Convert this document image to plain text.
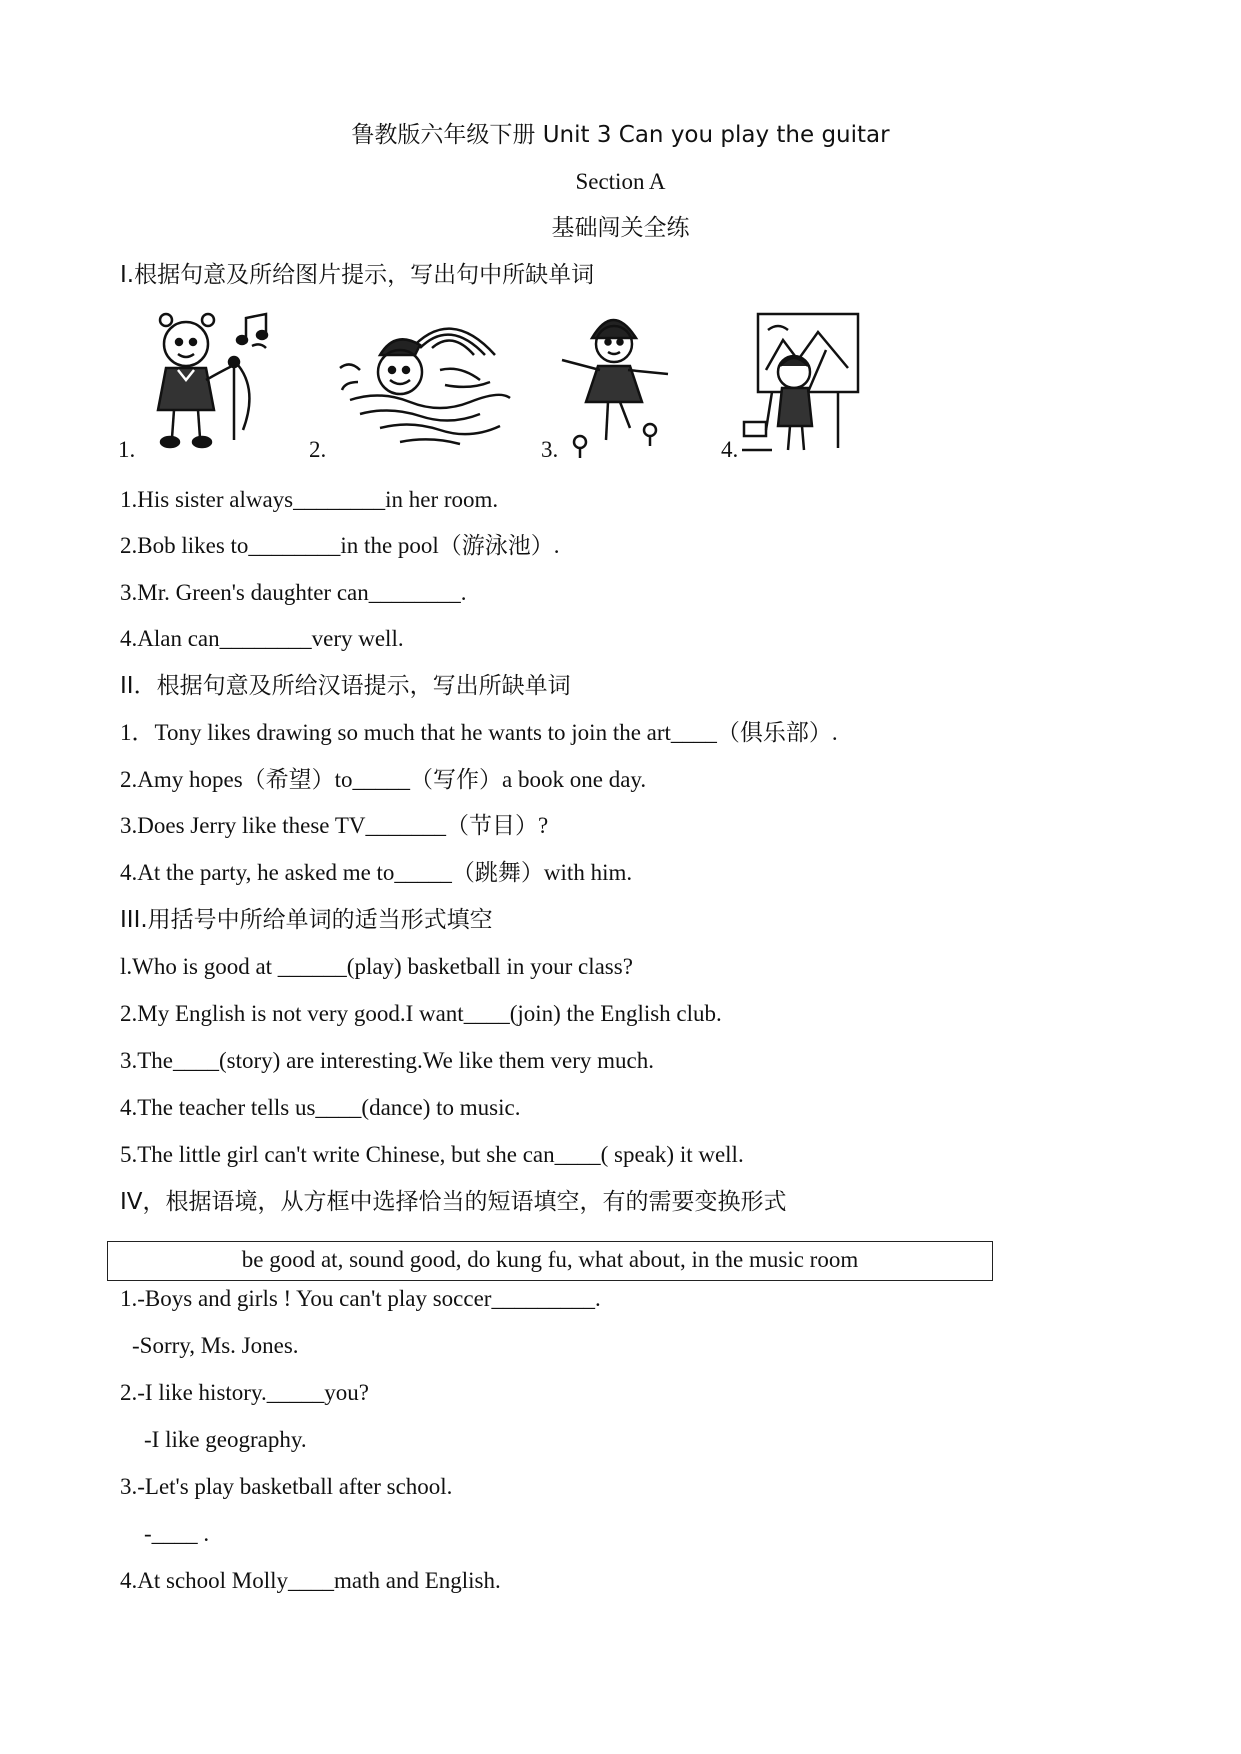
鲁教版六年级下册 Unit 3 Can you play the guitar
Section A
基础闯关全练
I.根据句意及所给图片提示，写出句中所缺单词
1.	2.	3.	4.
1.His sister always________in her room.
2.Bob likes to________in the pool（游泳池）.
3.Mr. Green's daughter can________.
4.Alan can________very well.
II．根据句意及所给汉语提示，写出所缺单词
1．Tony likes drawing so much that he wants to join the art____（俱乐部）.
2.Amy hopes（希望）to_____（写作）a book one day.
3.Does Jerry like these TV_______（节目）?
4.At the party, he asked me to_____（跳舞）with him.
III.用括号中所给单词的适当形式填空
l.Who is good at ______(play) basketball in your class?
2.My English is not very good.I want____(join) the English club.
3.The____(story) are interesting.We like them very much.
4.The teacher tells us____(dance) to music.
5.The little girl can't write Chinese, but she can____( speak) it well.
IV，根据语境，从方框中选择恰当的短语填空，有的需要变换形式
be good at, sound good, do kung fu, what about, in the music room
1.-Boys and girls ! You can't play soccer_________.
-Sorry, Ms. Jones.
2.-I like history._____you?
-I like geography.
3.-Let's play basketball after school.
-____ .
4.At school Molly____math and English.
